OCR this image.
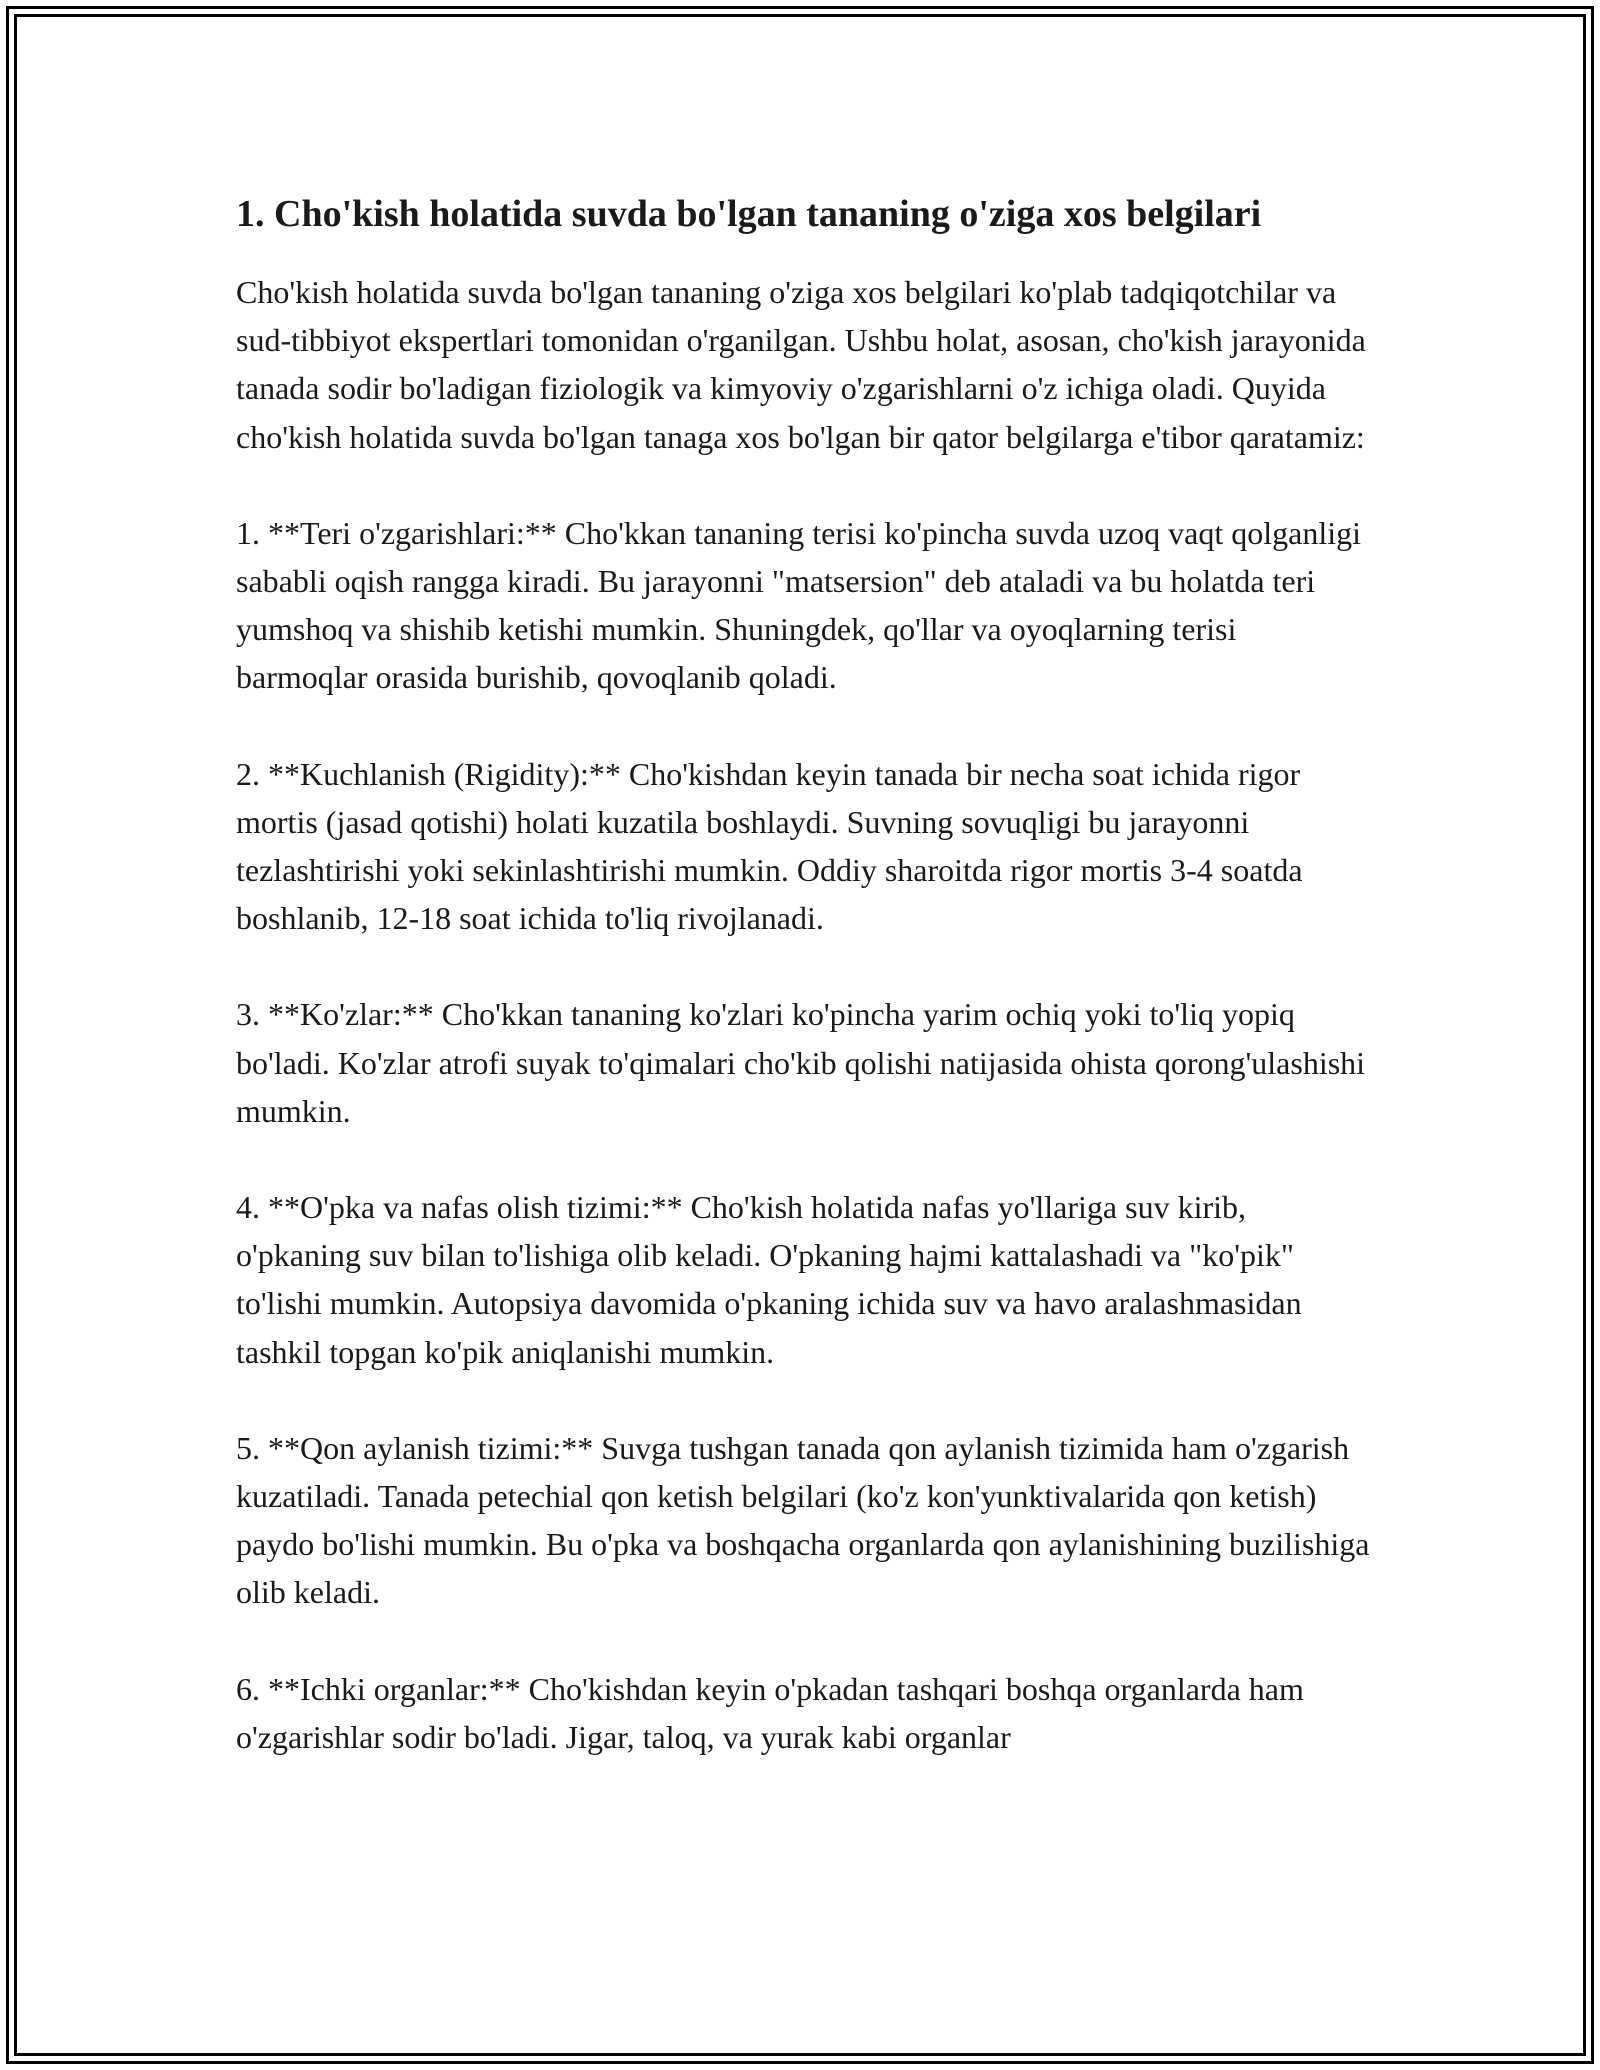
1. Cho'kish holatida suvda bo'lgan tananing o'ziga xos belgilari

Cho'kish holatida suvda bo'lgan tananing o'ziga xos belgilari ko'plab tadqiqotchilar va sud-tibbiyot ekspertlari tomonidan o'rganilgan. Ushbu holat, asosan, cho'kish jarayonida tanada sodir bo'ladigan fiziologik va kimyoviy o'zgarishlarni o'z ichiga oladi. Quyida cho'kish holatida suvda bo'lgan tanaga xos bo'lgan bir qator belgilarga e'tibor qaratamiz:

1. **Teri o'zgarishlari:** Cho'kkan tananing terisi ko'pincha suvda uzoq vaqt qolganligi sababli oqish rangga kiradi. Bu jarayonni "matsersion" deb ataladi va bu holatda teri yumshoq va shishib ketishi mumkin. Shuningdek, qo'llar va oyoqlarning terisi barmoqlar orasida burishib, qovoqlanib qoladi.

2. **Kuchlanish (Rigidity):** Cho'kishdan keyin tanada bir necha soat ichida rigor mortis (jasad qotishi) holati kuzatila boshlaydi. Suvning sovuqligi bu jarayonni tezlashtirishi yoki sekinlashtirishi mumkin. Oddiy sharoitda rigor mortis 3-4 soatda boshlanib, 12-18 soat ichida to'liq rivojlanadi.

3. **Ko'zlar:** Cho'kkan tananing ko'zlari ko'pincha yarim ochiq yoki to'liq yopiq bo'ladi. Ko'zlar atrofi suyak to'qimalari cho'kib qolishi natijasida ohista qorong'ulashishi mumkin.

4. **O'pka va nafas olish tizimi:** Cho'kish holatida nafas yo'llariga suv kirib, o'pkaning suv bilan to'lishiga olib keladi. O'pkaning hajmi kattalashadi va "ko'pik" to'lishi mumkin. Autopsiya davomida o'pkaning ichida suv va havo aralashmasidan tashkil topgan ko'pik aniqlanishi mumkin.

5. **Qon aylanish tizimi:** Suvga tushgan tanada qon aylanish tizimida ham o'zgarish kuzatiladi. Tanada petechial qon ketish belgilari (ko'z kon'yunktivalarida qon ketish) paydo bo'lishi mumkin. Bu o'pka va boshqacha organlarda qon aylanishining buzilishiga olib keladi.

6. **Ichki organlar:** Cho'kishdan keyin o'pkadan tashqari boshqa organlarda ham o'zgarishlar sodir bo'ladi. Jigar, taloq, va yurak kabi organlar
